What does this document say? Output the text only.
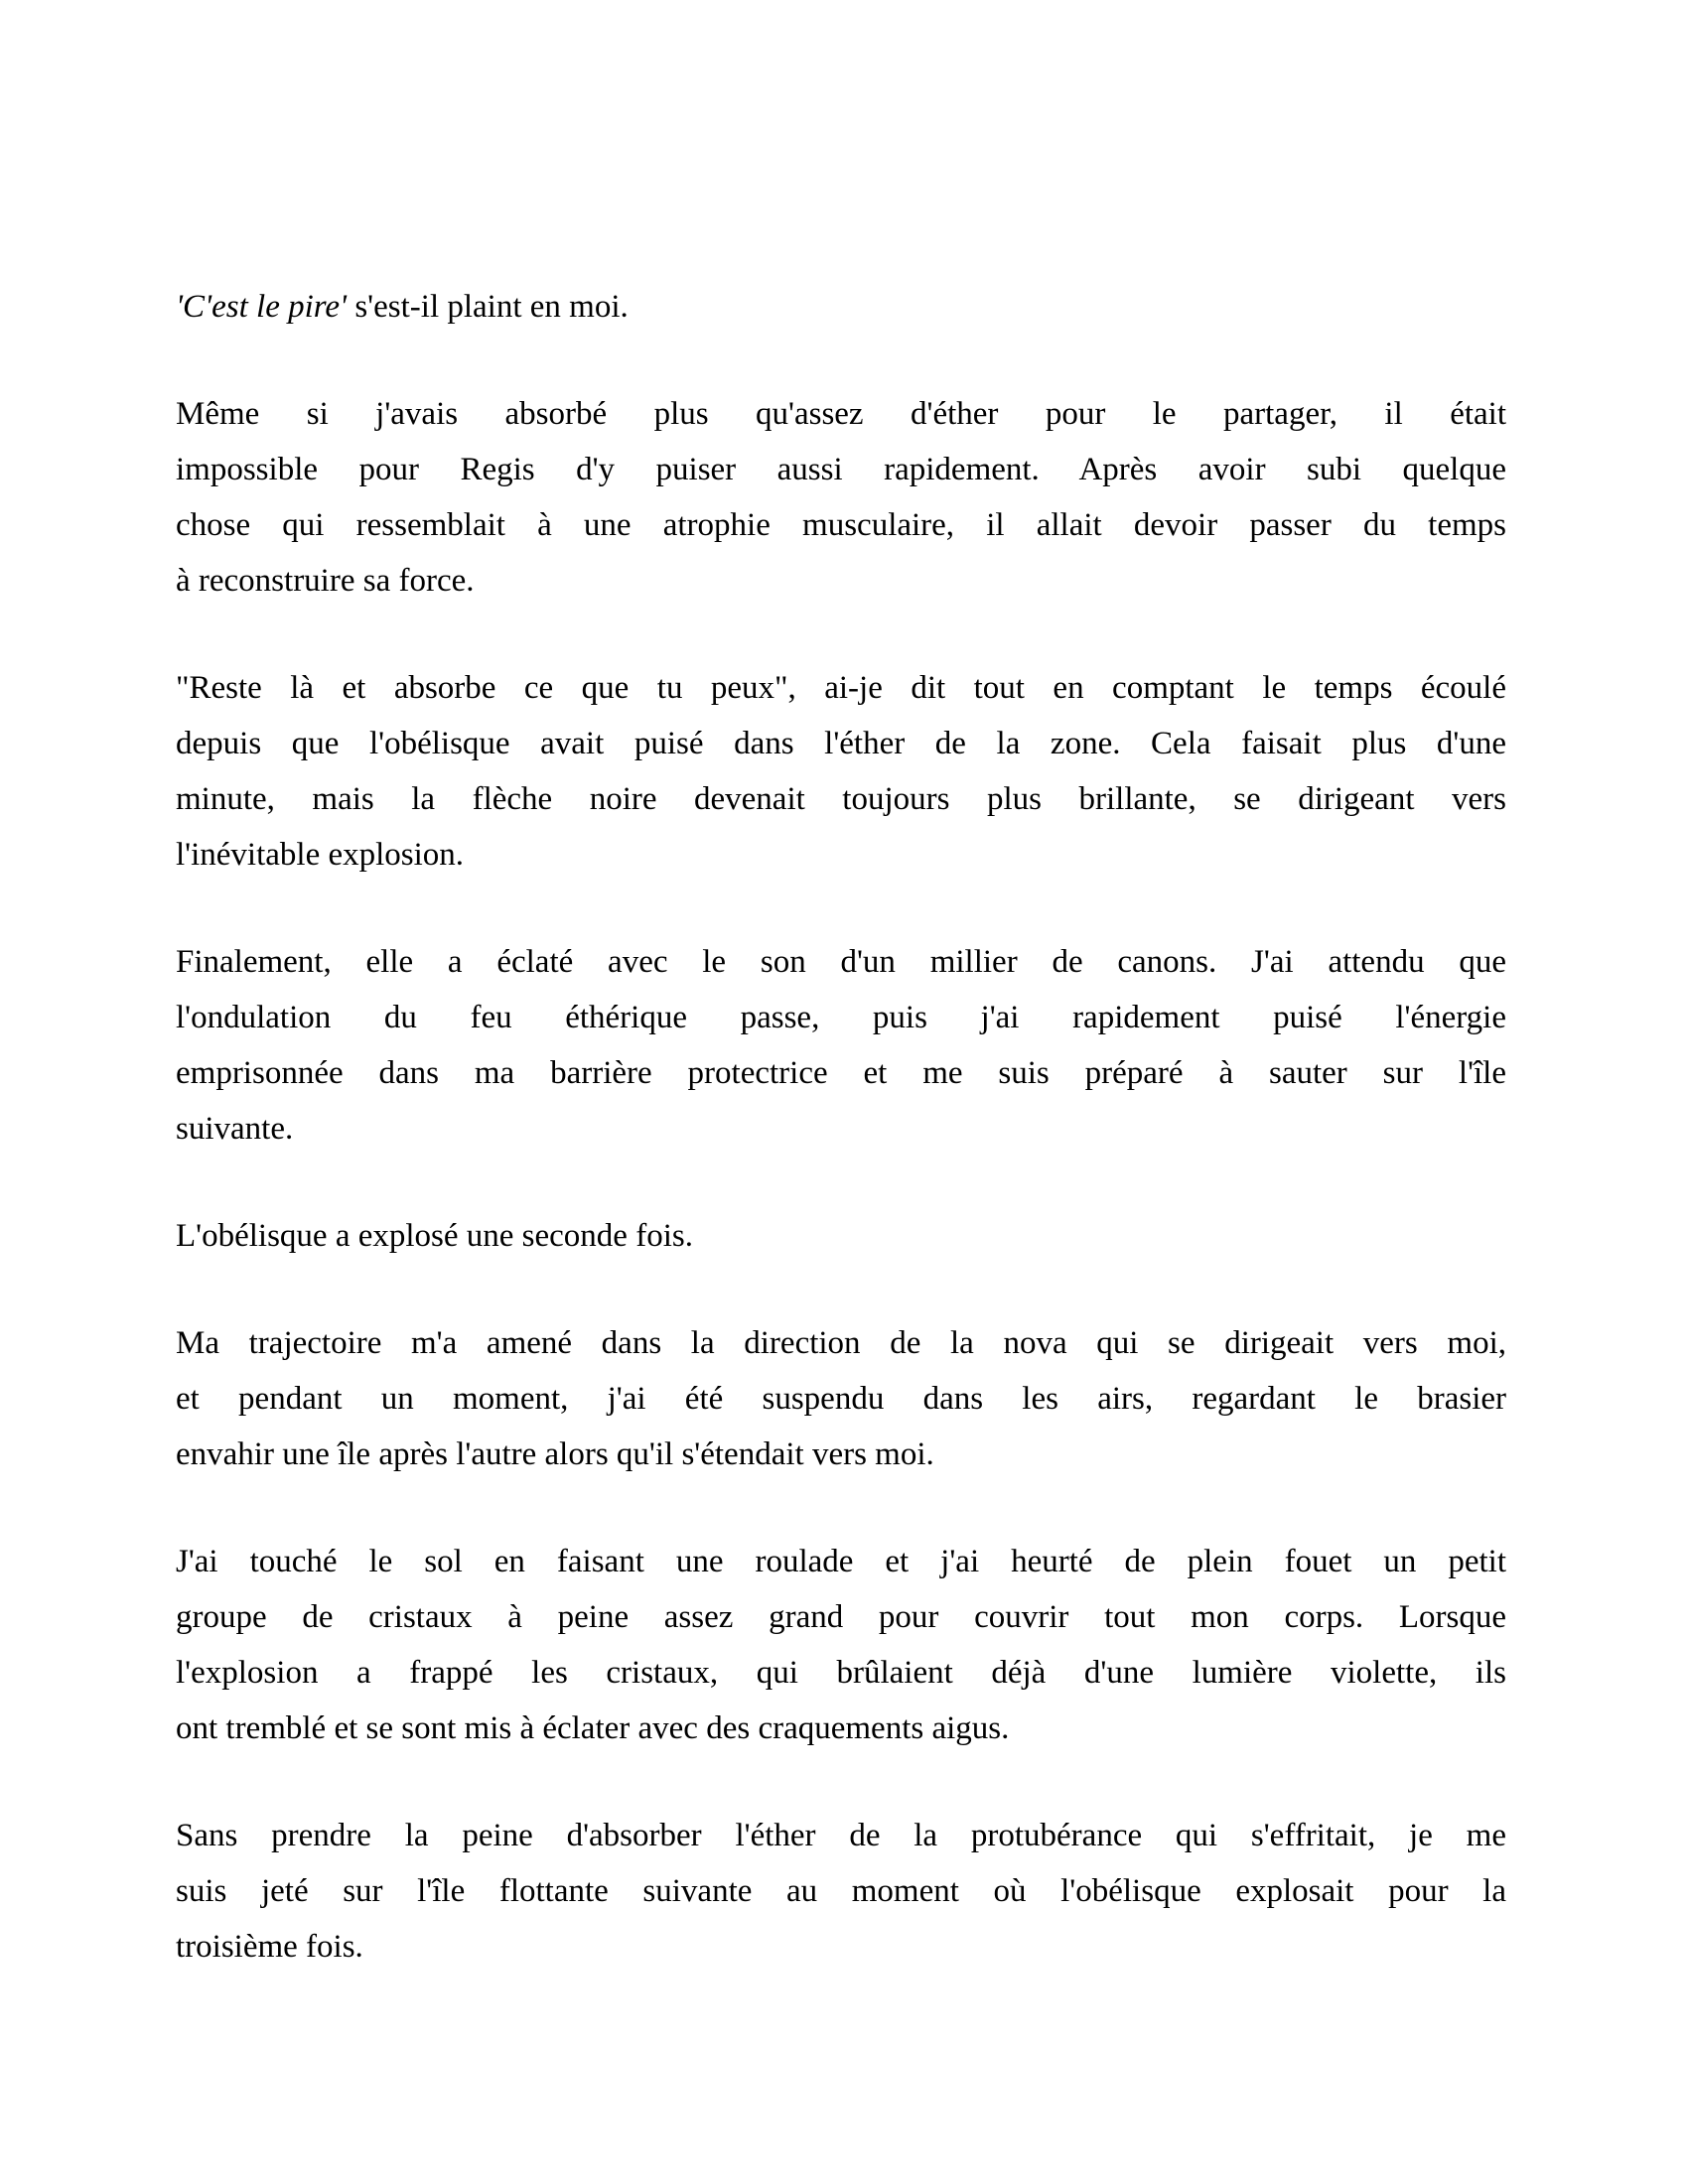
'C'est le pire' s'est-il plaint en moi.
Même si j'avais absorbé plus qu'assez d'éther pour le partager, il était
impossible pour Regis d'y puiser aussi rapidement. Après avoir subi quelque
chose qui ressemblait à une atrophie musculaire, il allait devoir passer du temps
à reconstruire sa force.
"Reste là et absorbe ce que tu peux", ai-je dit tout en comptant le temps écoulé
depuis que l'obélisque avait puisé dans l'éther de la zone. Cela faisait plus d'une
minute, mais la flèche noire devenait toujours plus brillante, se dirigeant vers
l'inévitable explosion.
Finalement, elle a éclaté avec le son d'un millier de canons. J'ai attendu que
l'ondulation du feu éthérique passe, puis j'ai rapidement puisé l'énergie
emprisonnée dans ma barrière protectrice et me suis préparé à sauter sur l'île
suivante.
L'obélisque a explosé une seconde fois.
Ma trajectoire m'a amené dans la direction de la nova qui se dirigeait vers moi,
et pendant un moment, j'ai été suspendu dans les airs, regardant le brasier
envahir une île après l'autre alors qu'il s'étendait vers moi.
J'ai touché le sol en faisant une roulade et j'ai heurté de plein fouet un petit
groupe de cristaux à peine assez grand pour couvrir tout mon corps. Lorsque
l'explosion a frappé les cristaux, qui brûlaient déjà d'une lumière violette, ils
ont tremblé et se sont mis à éclater avec des craquements aigus.
Sans prendre la peine d'absorber l'éther de la protubérance qui s'effritait, je me
suis jeté sur l'île flottante suivante au moment où l'obélisque explosait pour la
troisième fois.
